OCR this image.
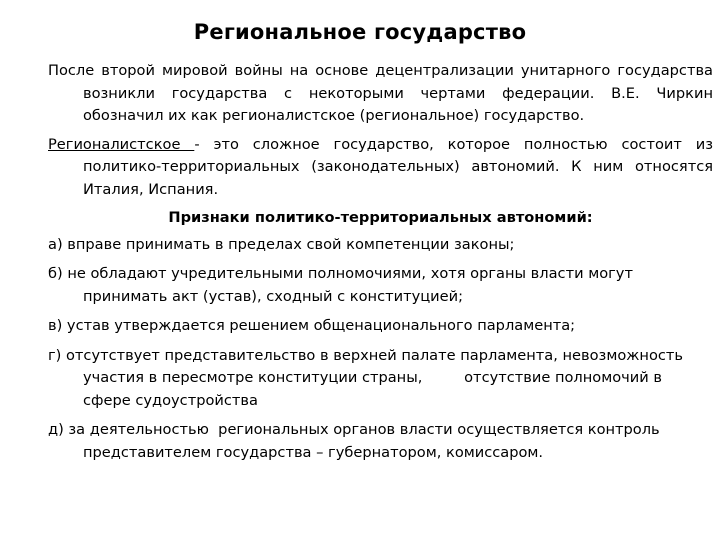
Региональное государство

После второй мировой войны на основе децентрализации унитарного государства возникли государства с некоторыми чертами федерации. В.Е. Чиркин обозначил их как регионалистское (региональное) государство.

Регионалистское - это сложное государство, которое полностью состоит из политико-территориальных (законодательных) автономий. К ним относятся Италия, Испания.

Признаки политико-территориальных автономий:

а) вправе принимать в пределах свой компетенции законы;

б) не обладают учредительными полномочиями, хотя органы власти могут принимать акт (устав), сходный с конституцией;

в) устав утверждается решением общенационального парламента;

г) отсутствует представительство в верхней палате парламента, невозможность участия в пересмотре конституции страны,         отсутствие полномочий в сфере судоустройства

д) за деятельностью  региональных органов власти осуществляется контроль представителем государства – губернатором, комиссаром.
